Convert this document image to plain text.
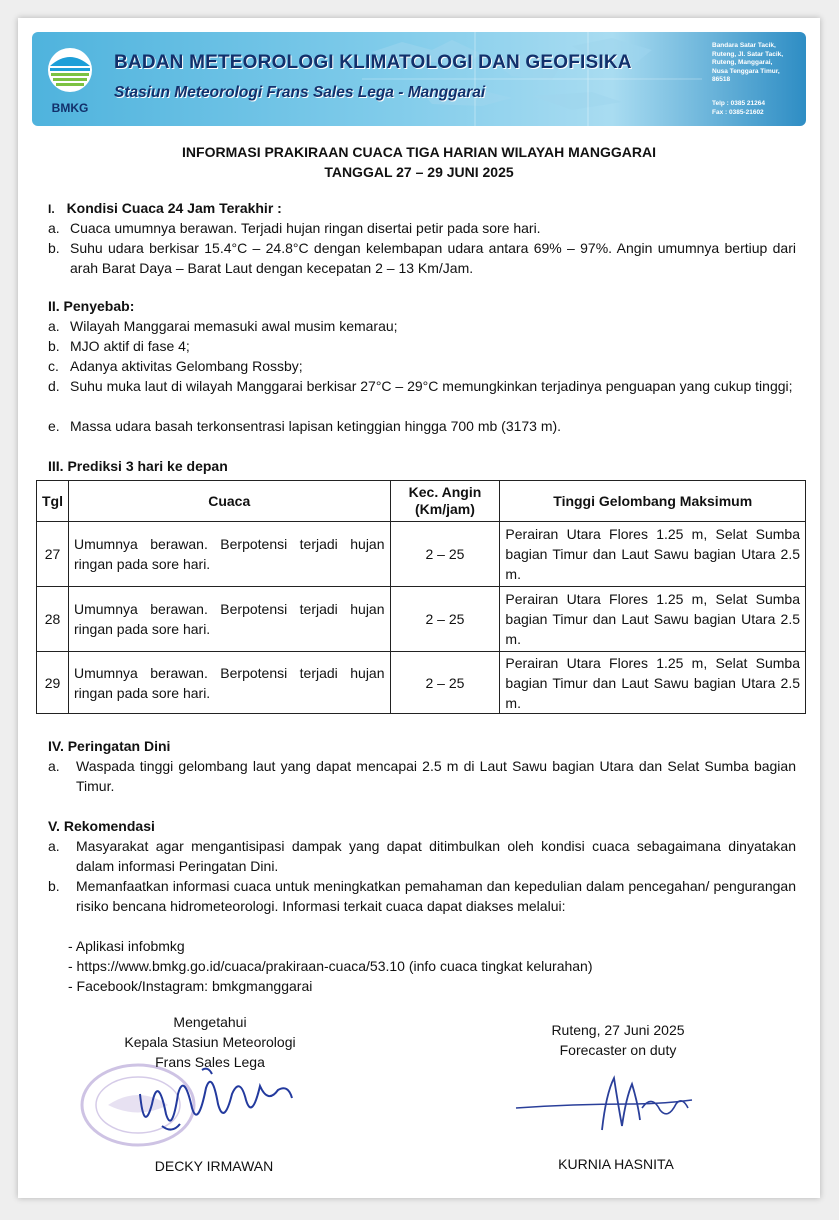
BMKG
BADAN METEOROLOGI KLIMATOLOGI DAN GEOFISIKA
Stasiun Meteorologi Frans Sales Lega - Manggarai
Bandara Satar Tacik,
Ruteng, Jl. Satar Tacik,
Ruteng, Manggarai,
Nusa Tenggara Timur,
86518
Telp : 0385 21264
Fax : 0385-21602
INFORMASI PRAKIRAAN CUACA TIGA HARIAN WILAYAH MANGGARAI
TANGGAL 27 – 29 JUNI 2025
I. Kondisi Cuaca 24 Jam Terakhir :
a. Cuaca umumnya berawan. Terjadi hujan ringan disertai petir pada sore hari.
b. Suhu udara berkisar 15.4°C – 24.8°C dengan kelembapan udara antara 69% – 97%. Angin umumnya bertiup dari arah Barat Daya – Barat Laut dengan kecepatan 2 – 13 Km/Jam.
II. Penyebab:
a. Wilayah Manggarai memasuki awal musim kemarau;
b. MJO aktif di fase 4;
c. Adanya aktivitas Gelombang Rossby;
d. Suhu muka laut di wilayah Manggarai berkisar 27°C – 29°C memungkinkan terjadinya penguapan yang cukup tinggi;
e. Massa udara basah terkonsentrasi lapisan ketinggian hingga 700 mb (3173 m).
III. Prediksi 3 hari ke depan
Tgl	Cuaca	Kec. Angin (Km/jam)	Tinggi Gelombang Maksimum
27	Umumnya berawan. Berpotensi terjadi hujan ringan pada sore hari.	2 – 25	Perairan Utara Flores 1.25 m, Selat Sumba bagian Timur dan Laut Sawu bagian Utara 2.5 m.
28	Umumnya berawan. Berpotensi terjadi hujan ringan pada sore hari.	2 – 25	Perairan Utara Flores 1.25 m, Selat Sumba bagian Timur dan Laut Sawu bagian Utara 2.5 m.
29	Umumnya berawan. Berpotensi terjadi hujan ringan pada sore hari.	2 – 25	Perairan Utara Flores 1.25 m, Selat Sumba bagian Timur dan Laut Sawu bagian Utara 2.5 m.
IV. Peringatan Dini
a. Waspada tinggi gelombang laut yang dapat mencapai 2.5 m di Laut Sawu bagian Utara dan Selat Sumba bagian Timur.
V. Rekomendasi
a. Masyarakat agar mengantisipasi dampak yang dapat ditimbulkan oleh kondisi cuaca sebagaimana dinyatakan dalam informasi Peringatan Dini.
b. Memanfaatkan informasi cuaca untuk meningkatkan pemahaman dan kepedulian dalam pencegahan/ pengurangan risiko bencana hidrometeorologi. Informasi terkait cuaca dapat diakses melalui:
- Aplikasi infobmkg
- https://www.bmkg.go.id/cuaca/prakiraan-cuaca/53.10 (info cuaca tingkat kelurahan)
- Facebook/Instagram: bmkgmanggarai
Mengetahui
Kepala Stasiun Meteorologi
Frans Sales Lega
DECKY IRMAWAN
Ruteng, 27 Juni 2025
Forecaster on duty
KURNIA HASNITA
